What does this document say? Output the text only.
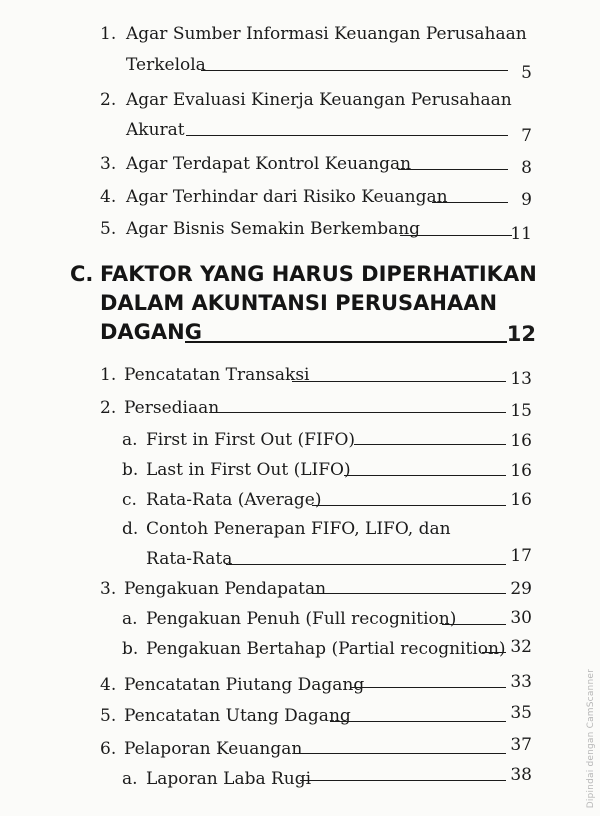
1. Agar Sumber Informasi Keuangan Perusahaan
Terkelola	5
2. Agar Evaluasi Kinerja Keuangan Perusahaan
Akurat	7
3. Agar Terdapat Kontrol Keuangan	8
4. Agar Terhindar dari Risiko Keuangan	9
5. Agar Bisnis Semakin Berkembang	11
C. FAKTOR YANG HARUS DIPERHATIKAN
DALAM AKUNTANSI PERUSAHAAN
DAGANG	12
1. Pencatatan Transaksi	13
2. Persediaan	15
a. First in First Out (FIFO)	16
b. Last in First Out (LIFO)	16
c. Rata-Rata (Average)	16
d. Contoh Penerapan FIFO, LIFO, dan
Rata-Rata	17
3. Pengakuan Pendapatan	29
a. Pengakuan Penuh (Full recognition)	30
b. Pengakuan Bertahap (Partial recognition) 32
4. Pencatatan Piutang Dagang	33
5. Pencatatan Utang Dagang	35
6. Pelaporan Keuangan	37
a. Laporan Laba Rugi	38	Dipindai dengan CamScanner
